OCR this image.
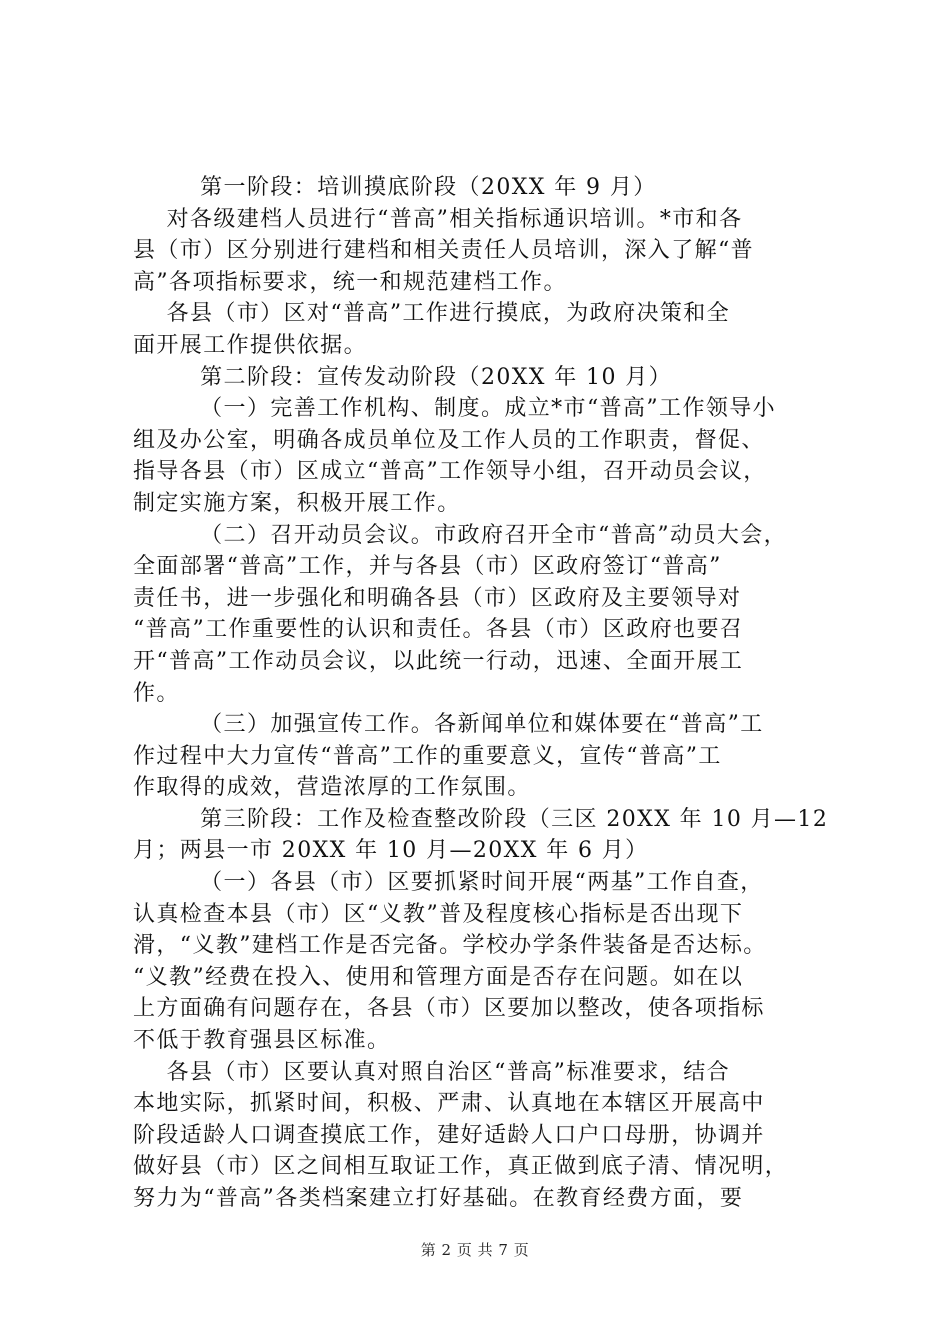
第一阶段：培训摸底阶段（20XX 年 9 月）
对各级建档人员进行“普高”相关指标通识培训。*市和各
县（市）区分别进行建档和相关责任人员培训，深入了解“普
高”各项指标要求，统一和规范建档工作。
各县（市）区对“普高”工作进行摸底，为政府决策和全
面开展工作提供依据。
第二阶段：宣传发动阶段（20XX 年 10 月）
（一）完善工作机构、制度。成立*市“普高”工作领导小
组及办公室，明确各成员单位及工作人员的工作职责，督促、
指导各县（市）区成立“普高”工作领导小组，召开动员会议，
制定实施方案，积极开展工作。
（二）召开动员会议。市政府召开全市“普高”动员大会，
全面部署“普高”工作，并与各县（市）区政府签订“普高”
责任书，进一步强化和明确各县（市）区政府及主要领导对
“普高”工作重要性的认识和责任。各县（市）区政府也要召
开“普高”工作动员会议，以此统一行动，迅速、全面开展工
作。
（三）加强宣传工作。各新闻单位和媒体要在“普高”工
作过程中大力宣传“普高”工作的重要意义，宣传“普高”工
作取得的成效，营造浓厚的工作氛围。
第三阶段：工作及检查整改阶段（三区 20XX 年 10 月—12
月；两县一市 20XX 年 10 月—20XX 年 6 月）
（一）各县（市）区要抓紧时间开展“两基”工作自查，
认真检查本县（市）区“义教”普及程度核心指标是否出现下
滑，“义教”建档工作是否完备。学校办学条件装备是否达标。
“义教”经费在投入、使用和管理方面是否存在问题。如在以
上方面确有问题存在，各县（市）区要加以整改，使各项指标
不低于教育强县区标准。
各县（市）区要认真对照自治区“普高”标准要求，结合
本地实际，抓紧时间，积极、严肃、认真地在本辖区开展高中
阶段适龄人口调查摸底工作，建好适龄人口户口母册，协调并
做好县（市）区之间相互取证工作，真正做到底子清、情况明，
努力为“普高”各类档案建立打好基础。在教育经费方面，要
第 2 页 共 7 页
